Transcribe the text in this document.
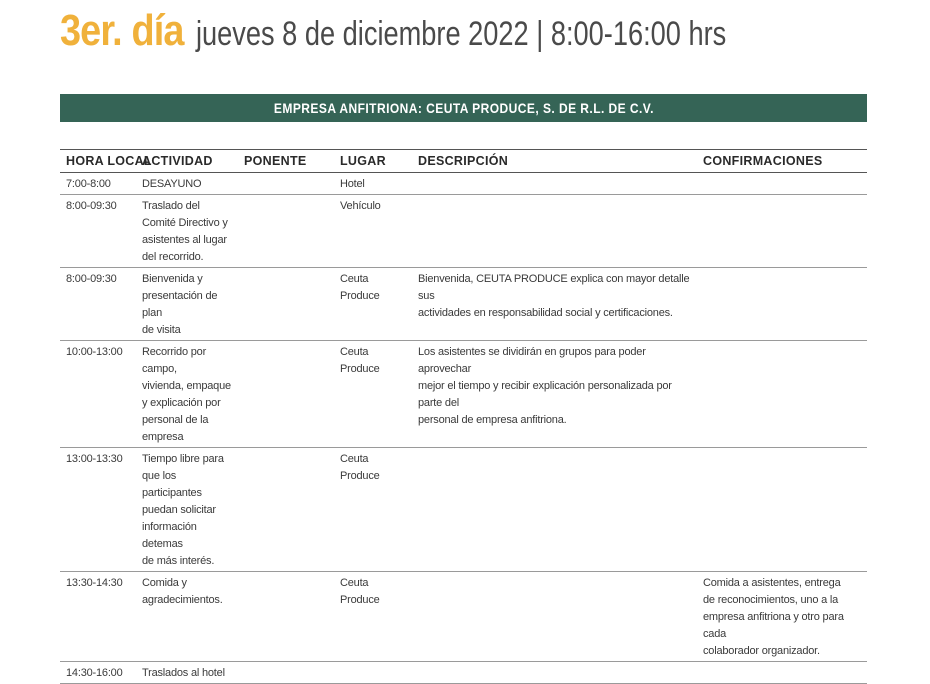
3er. día jueves 8 de diciembre 2022 | 8:00-16:00 hrs
EMPRESA ANFITRIONA: CEUTA PRODUCE, S. DE R.L. DE C.V.
HORA LOCAL	ACTIVIDAD	PONENTE	LUGAR	DESCRIPCIÓN	CONFIRMACIONES
7:00-8:00	DESAYUNO		Hotel		
8:00-09:30	Traslado del
Comité Directivo y
asistentes al lugar
del recorrido.		Vehículo		
8:00-09:30	Bienvenida y
presentación de plan
de visita		Ceuta Produce	Bienvenida, CEUTA PRODUCE explica con mayor detalle sus
actividades en responsabilidad social y certificaciones.	

10:00-13:00	Recorrido por campo,
vivienda, empaque
y explicación por
personal de la
empresa		Ceuta Produce	Los asistentes se dividirán en grupos para poder aprovechar
mejor el tiempo y recibir explicación personalizada por parte del
personal de empresa anfitriona.	

13:00-13:30	Tiempo libre para
que los participantes
puedan solicitar
información detemas
de más interés.		Ceuta Produce		
13:30-14:30	Comida y
agradecimientos.		Ceuta Produce		Comida a asistentes, entrega
de reconocimientos, uno a la
empresa anfitriona y otro para cada
colaborador organizador.

14:30-16:00	Traslados al hotel				
